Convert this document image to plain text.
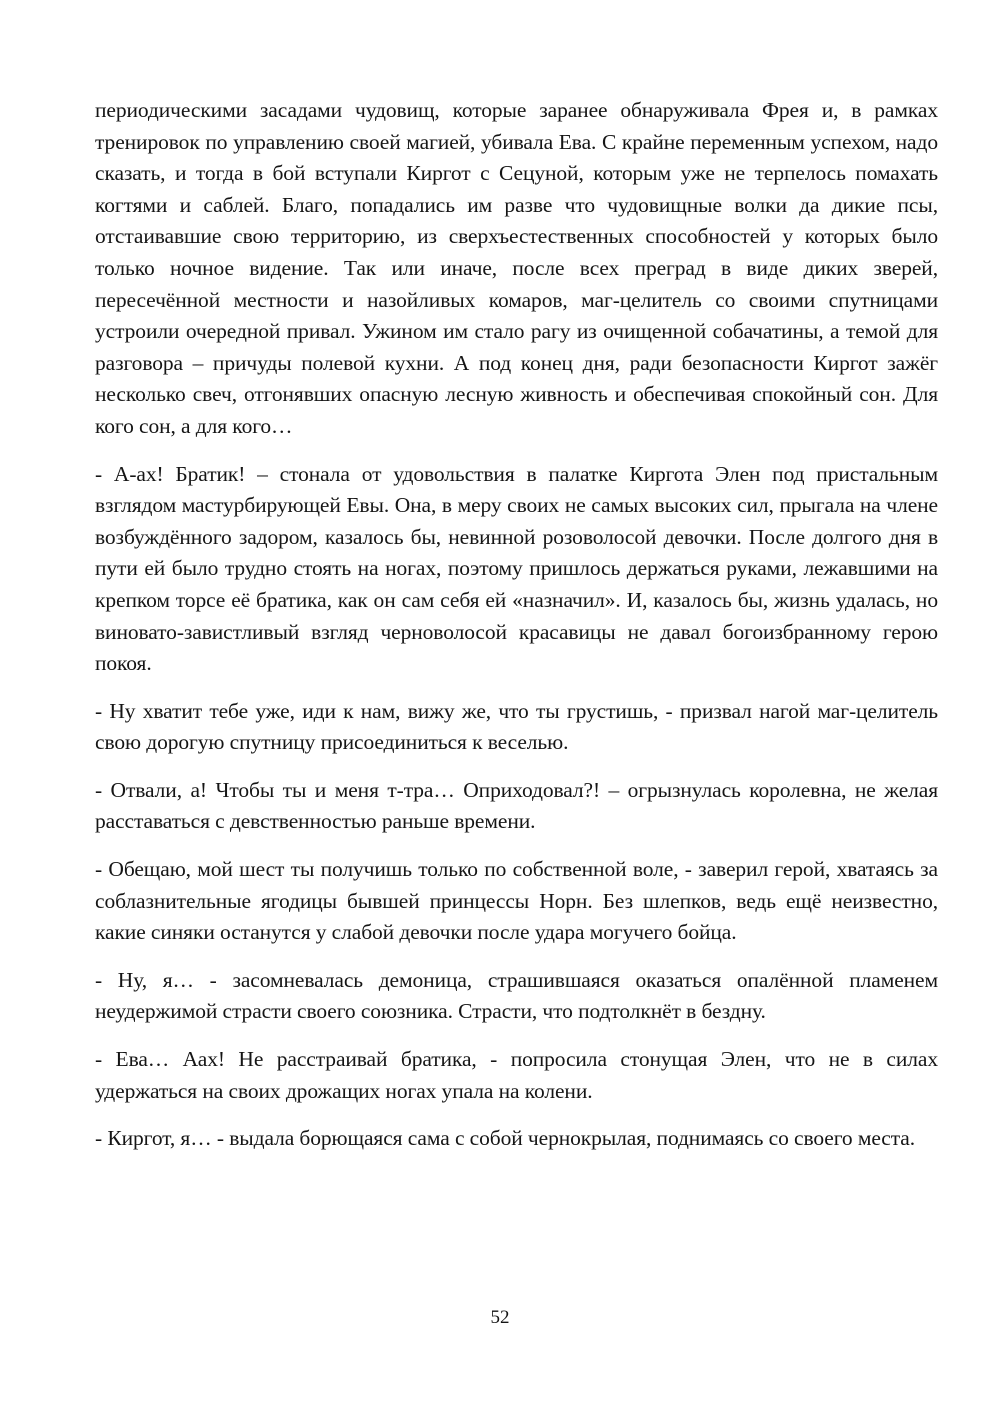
периодическими засадами чудовищ, которые заранее обнаруживала Фрея и, в рамках тренировок по управлению своей магией, убивала Ева. С крайне переменным успехом, надо сказать, и тогда в бой вступали Киргот с Сецуной, которым уже не терпелось помахать когтями и саблей. Благо, попадались им разве что чудовищные волки да дикие псы, отстаивавшие свою территорию, из сверхъестественных способностей у которых было только ночное видение. Так или иначе, после всех преград в виде диких зверей, пересечённой местности и назойливых комаров, маг-целитель со своими спутницами устроили очередной привал. Ужином им стало рагу из очищенной собачатины, а темой для разговора – причуды полевой кухни. А под конец дня, ради безопасности Киргот зажёг несколько свеч, отгонявших опасную лесную живность и обеспечивая спокойный сон. Для кого сон, а для кого…

- А-ах! Братик! – стонала от удовольствия в палатке Киргота Элен под пристальным взглядом мастурбирующей Евы. Она, в меру своих не самых высоких сил, прыгала на члене возбуждённого задором, казалось бы, невинной розоволосой девочки. После долгого дня в пути ей было трудно стоять на ногах, поэтому пришлось держаться руками, лежавшими на крепком торсе её братика, как он сам себя ей «назначил». И, казалось бы, жизнь удалась, но виновато-завистливый взгляд черноволосой красавицы не давал богоизбранному герою покоя.

- Ну хватит тебе уже, иди к нам, вижу же, что ты грустишь, - призвал нагой маг-целитель свою дорогую спутницу присоединиться к веселью.

- Отвали, а! Чтобы ты и меня т-тра… Оприходовал?! – огрызнулась королевна, не желая расставаться с девственностью раньше времени.

- Обещаю, мой шест ты получишь только по собственной воле, - заверил герой, хватаясь за соблазнительные ягодицы бывшей принцессы Норн. Без шлепков, ведь ещё неизвестно, какие синяки останутся у слабой девочки после удара могучего бойца.

- Ну, я… - засомневалась демоница, страшившаяся оказаться опалённой пламенем неудержимой страсти своего союзника. Страсти, что подтолкнёт в бездну.

- Ева… Аах! Не расстраивай братика, - попросила стонущая Элен, что не в силах удержаться на своих дрожащих ногах упала на колени.

- Киргот, я… - выдала борющаяся сама с собой чернокрылая, поднимаясь со своего места.

52
